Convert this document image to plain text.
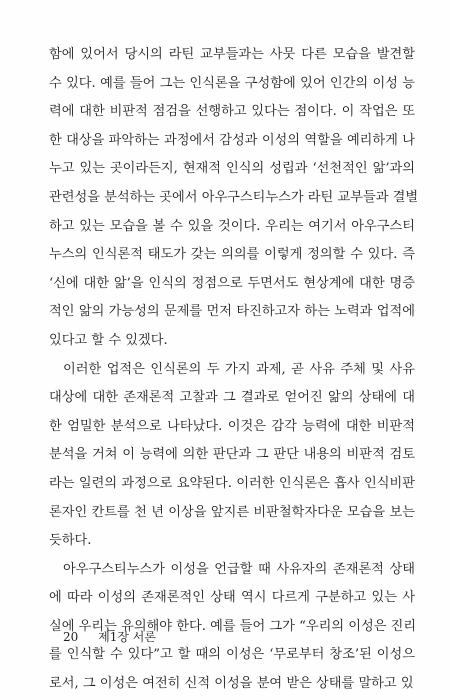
함에 있어서 당시의 라틴 교부들과는 사뭇 다른 모습을 발견할
수 있다. 예를 들어 그는 인식론을 구성함에 있어 인간의 이성 능
력에 대한 비판적 점검을 선행하고 있다는 점이다. 이 작업은 또
한 대상을 파악하는 과정에서 감성과 이성의 역할을 예리하게 나
누고 있는 곳이라든지, 현재적 인식의 성립과 ‘선천적인 앎’과의
관련성을 분석하는 곳에서 아우구스티누스가 라틴 교부들과 결별
하고 있는 모습을 볼 수 있을 것이다. 우리는 여기서 아우구스티
누스의 인식론적 태도가 갖는 의의를 이렇게 정의할 수 있다. 즉
‘신에 대한 앎’을 인식의 정점으로 두면서도 현상계에 대한 명증
적인 앎의 가능성의 문제를 먼저 타진하고자 하는 노력과 업적에
있다고 할 수 있겠다.
이러한 업적은 인식론의 두 가지 과제, 곧 사유 주체 및 사유
대상에 대한 존재론적 고찰과 그 결과로 얻어진 앎의 상태에 대
한 엄밀한 분석으로 나타났다. 이것은 감각 능력에 대한 비판적
분석을 거쳐 이 능력에 의한 판단과 그 판단 내용의 비판적 검토
라는 일련의 과정으로 요약된다. 이러한 인식론은 흡사 인식비판
론자인 칸트를 천 년 이상을 앞지른 비판철학자다운 모습을 보는
듯하다.
아우구스티누스가 이성을 언급할 때 사유자의 존재론적 상태
에 따라 이성의 존재론적인 상태 역시 다르게 구분하고 있는 사
실에 우리는 유의해야 한다. 예를 들어 그가 “우리의 이성은 진리
를 인식할 수 있다”고 할 때의 이성은 ‘무로부터 창조’된 이성으
로서, 그 이성은 여전히 신적 이성을 분여 받은 상태를 말하고 있
20 제1장 서론
